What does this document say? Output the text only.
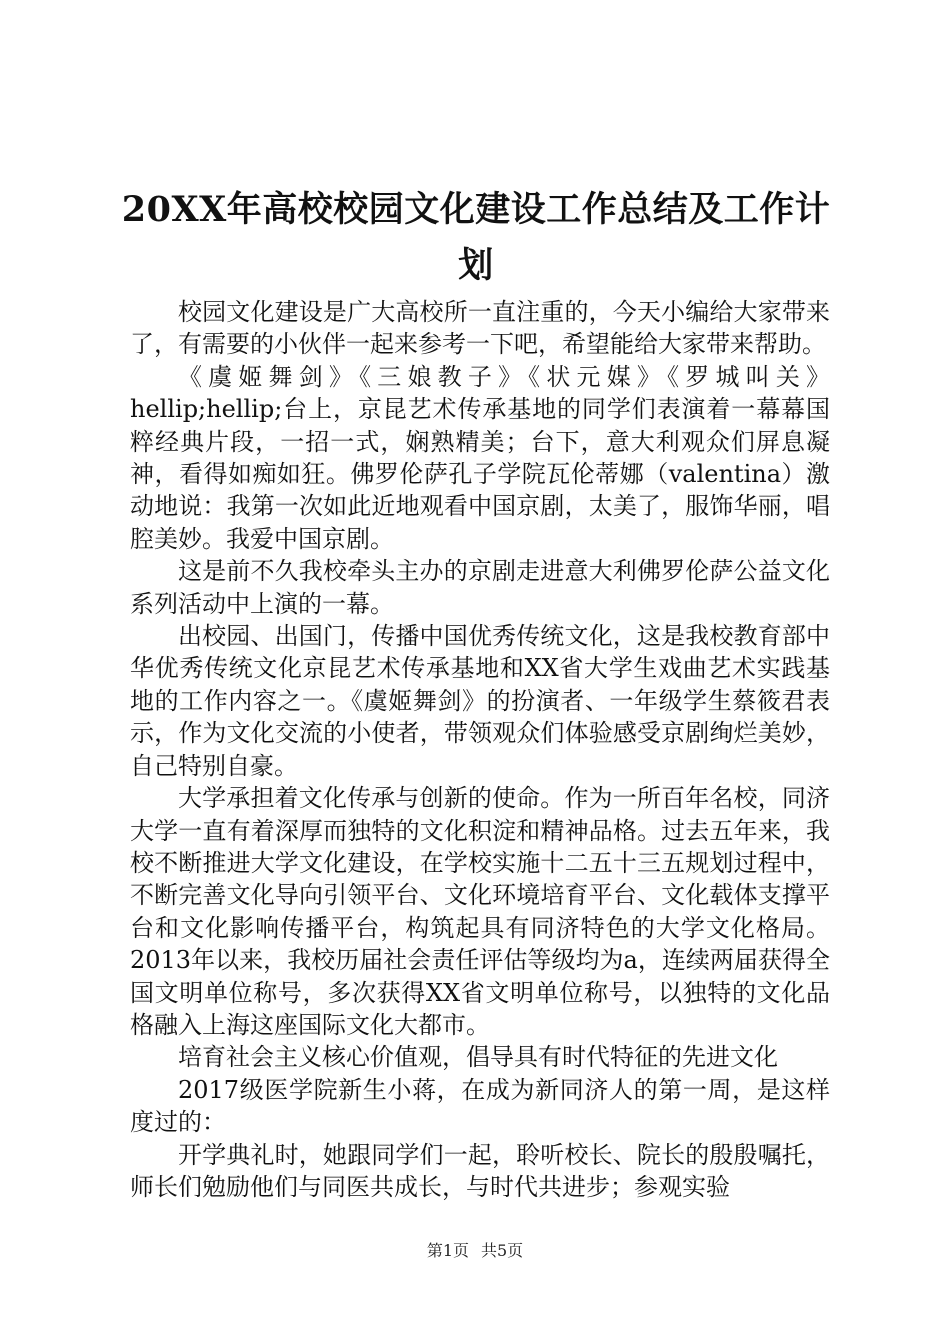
20XX年高校校园文化建设工作总结及工作计划

校园文化建设是广大高校所一直注重的，今天小编给大家带来了，有需要的小伙伴一起来参考一下吧，希望能给大家带来帮助。

《虞姬舞剑》《三娘教子》《状元媒》《罗城叫关》hellip;hellip;台上，京昆艺术传承基地的同学们表演着一幕幕国粹经典片段，一招一式，娴熟精美；台下，意大利观众们屏息凝神，看得如痴如狂。佛罗伦萨孔子学院瓦伦蒂娜（valentina）激动地说：我第一次如此近地观看中国京剧，太美了，服饰华丽，唱腔美妙。我爱中国京剧。

这是前不久我校牵头主办的京剧走进意大利佛罗伦萨公益文化系列活动中上演的一幕。

出校园、出国门，传播中国优秀传统文化，这是我校教育部中华优秀传统文化京昆艺术传承基地和XX省大学生戏曲艺术实践基地的工作内容之一。《虞姬舞剑》的扮演者、一年级学生蔡筱君表示，作为文化交流的小使者，带领观众们体验感受京剧绚烂美妙，自己特别自豪。

大学承担着文化传承与创新的使命。作为一所百年名校，同济大学一直有着深厚而独特的文化积淀和精神品格。过去五年来，我校不断推进大学文化建设，在学校实施十二五十三五规划过程中，不断完善文化导向引领平台、文化环境培育平台、文化载体支撑平台和文化影响传播平台，构筑起具有同济特色的大学文化格局。2013年以来，我校历届社会责任评估等级均为a，连续两届获得全国文明单位称号，多次获得XX省文明单位称号，以独特的文化品格融入上海这座国际文化大都市。

培育社会主义核心价值观，倡导具有时代特征的先进文化

2017级医学院新生小蒋，在成为新同济人的第一周，是这样度过的：

开学典礼时，她跟同学们一起，聆听校长、院长的殷殷嘱托，师长们勉励他们与同医共成长，与时代共进步；参观实验

第1页 共5页
